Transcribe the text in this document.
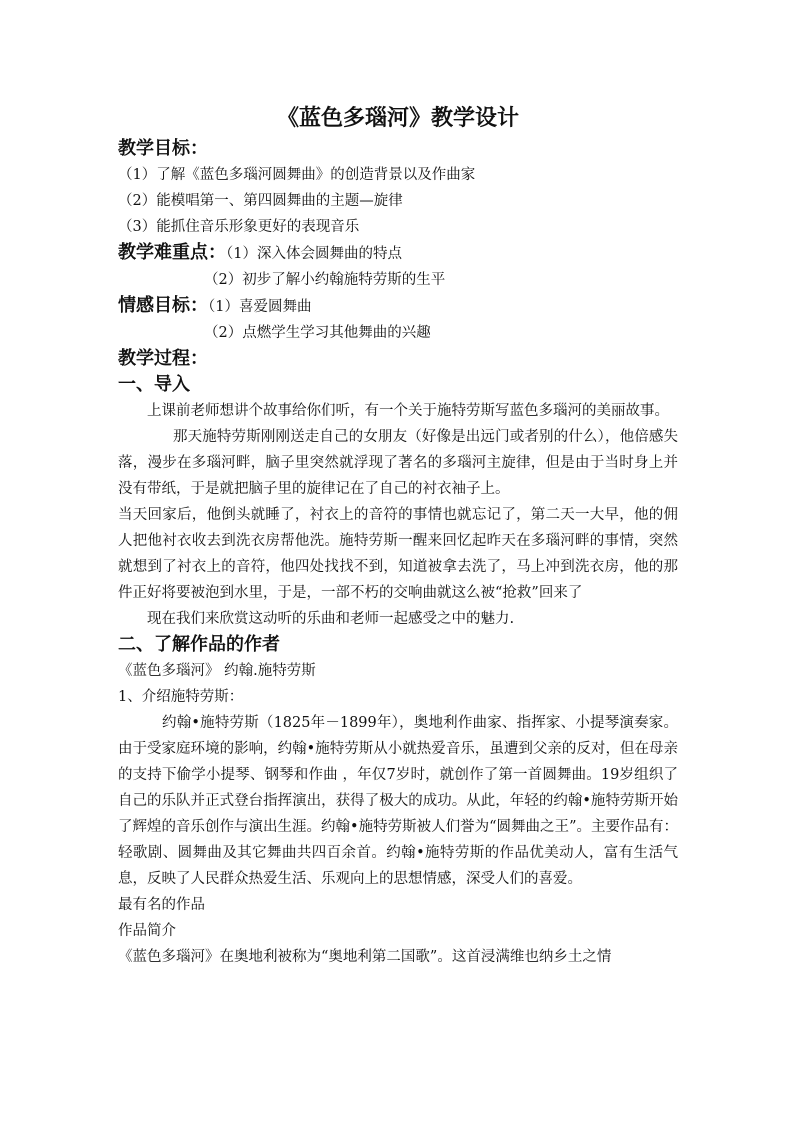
《蓝色多瑙河》教学设计
教学目标：

（1）了解《蓝色多瑙河圆舞曲》的创造背景以及作曲家

（2）能模唱第一、第四圆舞曲的主题—旋律

（3）能抓住音乐形象更好的表现音乐

教学难重点：（1）深入体会圆舞曲的特点

（2）初步了解小约翰施特劳斯的生平

情感目标：（1）喜爱圆舞曲

（2）点燃学生学习其他舞曲的兴趣

教学过程：
一、导入

上课前老师想讲个故事给你们听，有一个关于施特劳斯写蓝色多瑙河的美丽故事。

那天施特劳斯刚刚送走自己的女朋友（好像是出远门或者别的什么），他倍感失落，漫步在多瑙河畔，脑子里突然就浮现了著名的多瑙河主旋律，但是由于当时身上并没有带纸，于是就把脑子里的旋律记在了自己的衬衣袖子上。

当天回家后，他倒头就睡了，衬衣上的音符的事情也就忘记了，第二天一大早，他的佣人把他衬衣收去到洗衣房帮他洗。施特劳斯一醒来回忆起昨天在多瑙河畔的事情，突然就想到了衬衣上的音符，他四处找找不到，知道被拿去洗了，马上冲到洗衣房，他的那件正好将要被泡到水里，于是，一部不朽的交响曲就这么被“抢救”回来了

现在我们来欣赏这动听的乐曲和老师一起感受之中的魅力.

二、了解作品的作者

《蓝色多瑙河》 约翰.施特劳斯

1、介绍施特劳斯：

约翰•施特劳斯（1825年－1899年），奥地利作曲家、指挥家、小提琴演奏家。由于受家庭环境的影响，约翰•施特劳斯从小就热爱音乐，虽遭到父亲的反对，但在母亲的支持下偷学小提琴、钢琴和作曲 ，年仅7岁时，就创作了第一首圆舞曲。19岁组织了自己的乐队并正式登台指挥演出，获得了极大的成功。从此，年轻的约翰•施特劳斯开始了辉煌的音乐创作与演出生涯。约翰•施特劳斯被人们誉为“圆舞曲之王”。主要作品有：轻歌剧、圆舞曲及其它舞曲共四百余首。约翰•施特劳斯的作品优美动人，富有生活气息，反映了人民群众热爱生活、乐观向上的思想情感，深受人们的喜爱。

最有名的作品

作品简介

《蓝色多瑙河》在奥地利被称为“奥地利第二国歌”。这首浸满维也纳乡土之情
